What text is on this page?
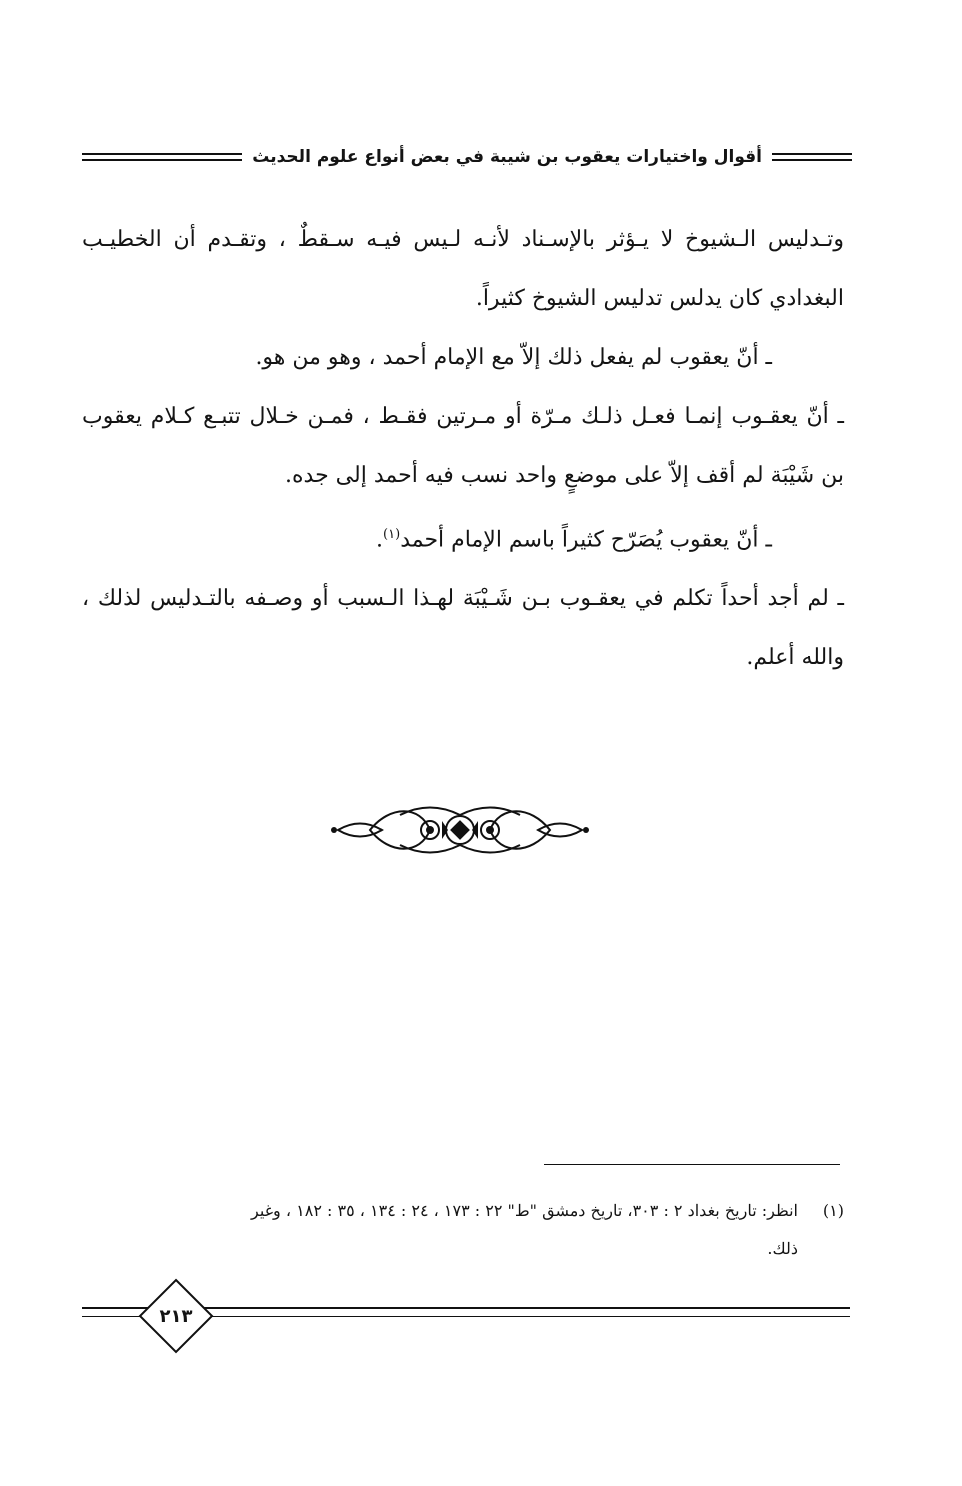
أقوال واختيارات يعقوب بن شيبة في بعض أنواع علوم الحديث

وتـدليس الـشيوخ لا يـؤثر بالإسـناد لأنـه لـيس فيـه سـقطٌ ، وتقـدم أن الخطيـب البغدادي كان يدلس تدليس الشيوخ كثيراً.

ـ أنّ يعقوب لم يفعل ذلك إلاّ مع الإمام أحمد ، وهو من هو.

ـ أنّ يعقـوب إنمـا فعـل ذلـك مـرّة أو مـرتين فقـط ، فمـن خـلال تتبـع كـلام يعقوب بن شَيْبَة لم أقف إلاّ على موضعٍ واحد نسب فيه أحمد إلى جده.

ـ أنّ يعقوب يُصَرّح كثيراً باسم الإمام أحمد$^{(١)}$.

ـ لم أجد أحداً تكلم في يعقـوب بـن شَـيْبَة لهـذا الـسبب أو وصـفه بالتـدليس لذلك ، والله أعلم.

(١)انظر: تاريخ بغداد ٢ : ٣٠٣، تاريخ دمشق "ط" ٢٢ : ١٧٣ ، ٢٤ : ١٣٤ ، ٣٥ : ١٨٢ ، وغير
ذلك.
٢١٣
